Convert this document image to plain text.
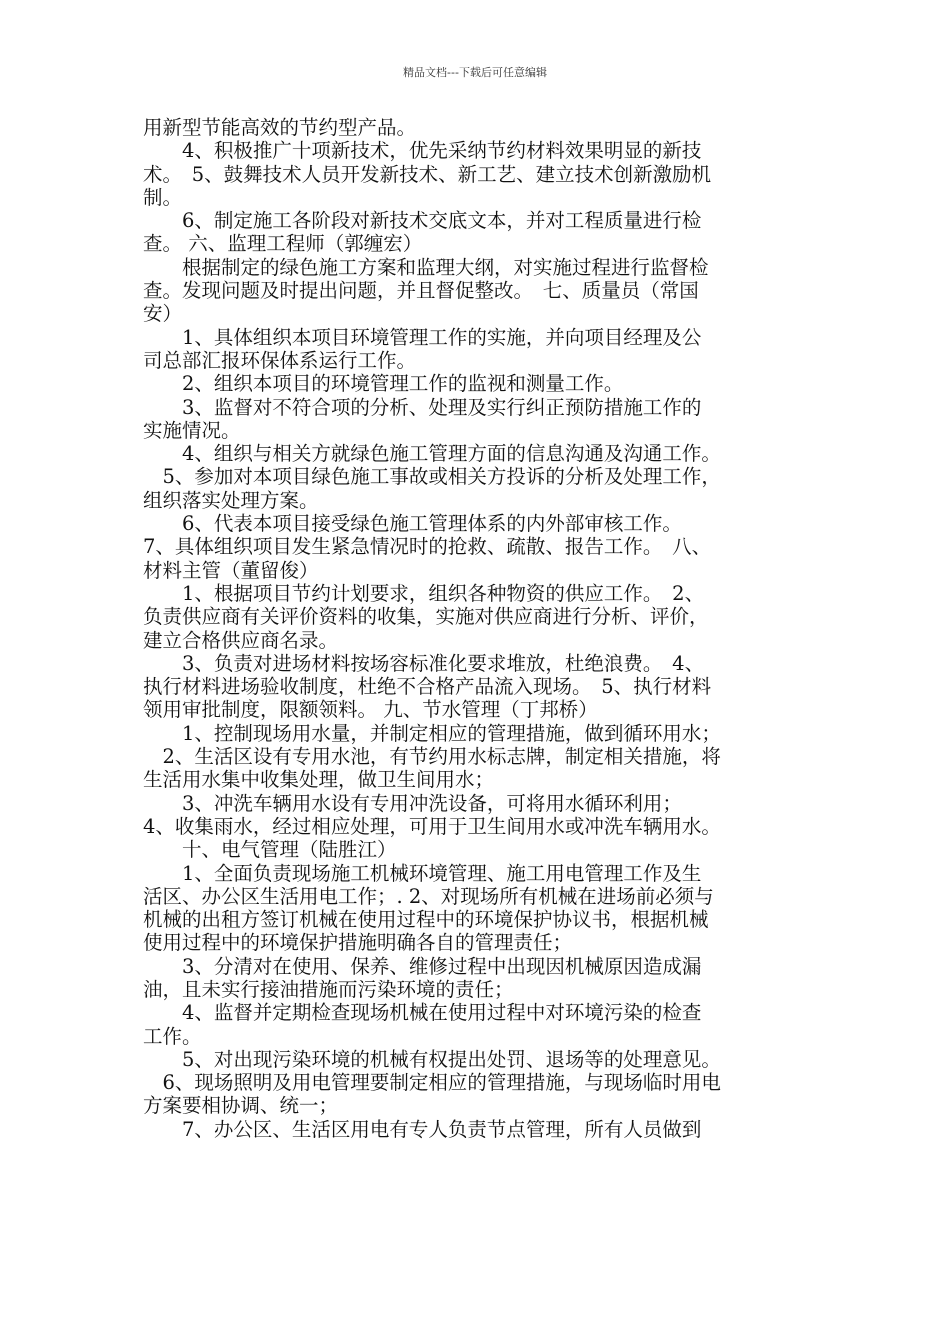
精品文档---下载后可任意编辑
用新型节能高效的节约型产品。
　　4、积极推广十项新技术，优先采纳节约材料效果明显的新技
术。　5、鼓舞技术人员开发新技术、新工艺、建立技术创新激励机
制。
　　6、制定施工各阶段对新技术交底文本，并对工程质量进行检
查。 六、监理工程师（郭缠宏）
　　根据制定的绿色施工方案和监理大纲，对实施过程进行监督检
查。发现问题及时提出问题，并且督促整改。　七、质量员（常国
安）
　　1、具体组织本项目环境管理工作的实施，并向项目经理及公
司总部汇报环保体系运行工作。
　　2、组织本项目的环境管理工作的监视和测量工作。
　　3、监督对不符合项的分析、处理及实行纠正预防措施工作的
实施情况。
　　4、组织与相关方就绿色施工管理方面的信息沟通及沟通工作。
　5、参加对本项目绿色施工事故或相关方投诉的分析及处理工作，
组织落实处理方案。
　　6、代表本项目接受绿色施工管理体系的内外部审核工作。
7、具体组织项目发生紧急情况时的抢救、疏散、报告工作。　八、
材料主管（董留俊）
　　1、根据项目节约计划要求，组织各种物资的供应工作。　2、
负责供应商有关评价资料的收集，实施对供应商进行分析、评价，
建立合格供应商名录。
　　3、负责对进场材料按场容标准化要求堆放，杜绝浪费。　4、
执行材料进场验收制度，杜绝不合格产品流入现场。　5、执行材料
领用审批制度，限额领料。 九、节水管理（丁邦桥）
　　1、控制现场用水量，并制定相应的管理措施，做到循环用水；
　2、生活区设有专用水池，有节约用水标志牌，制定相关措施，将
生活用水集中收集处理，做卫生间用水；
　　3、冲洗车辆用水设有专用冲洗设备，可将用水循环利用；
4、收集雨水，经过相应处理，可用于卫生间用水或冲洗车辆用水。
　　十、电气管理（陆胜江）
　　1、全面负责现场施工机械环境管理、施工用电管理工作及生
活区、办公区生活用电工作；. 2、对现场所有机械在进场前必须与
机械的出租方签订机械在使用过程中的环境保护协议书，根据机械
使用过程中的环境保护措施明确各自的管理责任；
　　3、分清对在使用、保养、维修过程中出现因机械原因造成漏
油，且未实行接油措施而污染环境的责任；
　　4、监督并定期检查现场机械在使用过程中对环境污染的检查
工作。
　　5、对出现污染环境的机械有权提出处罚、退场等的处理意见。
　6、现场照明及用电管理要制定相应的管理措施，与现场临时用电
方案要相协调、统一；
　　7、办公区、生活区用电有专人负责节点管理，所有人员做到
